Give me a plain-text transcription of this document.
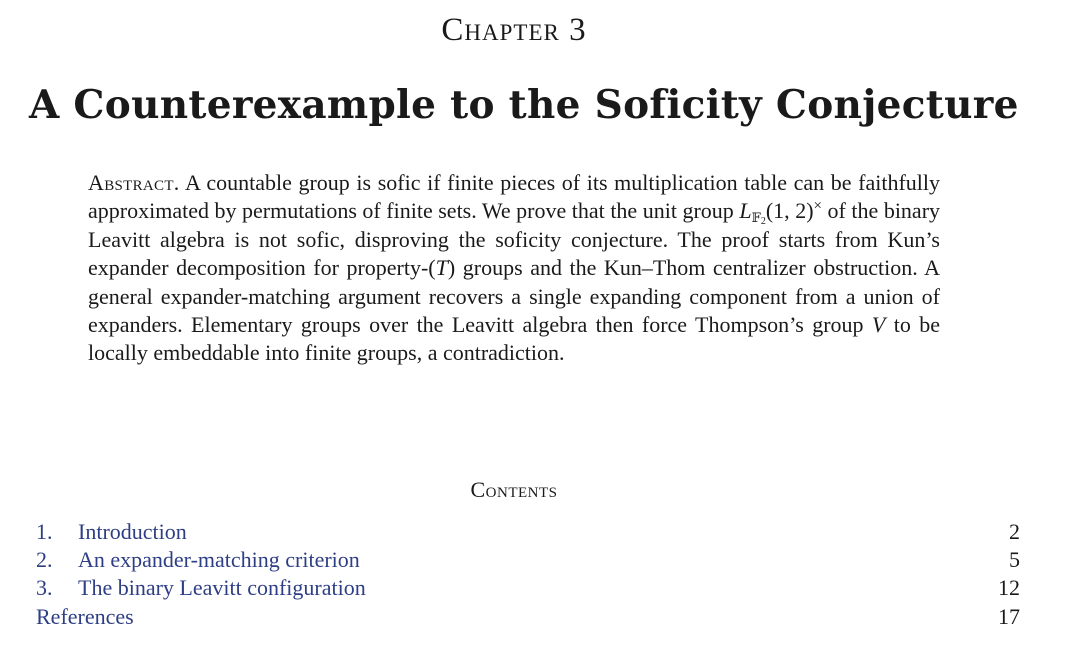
Chapter 3
A Counterexample to the Soficity Conjecture

Abstract. A countable group is sofic if finite pieces of its multiplication table can be faithfully approximated by permutations of finite sets. We prove that the unit group $L_{𝔽_2}(1$, 2)× of the binary Leavitt algebra is not sofic, disproving the soficity conjecture. The proof starts from Kun’s expander decomposition for property-(T) groups and the Kun–Thom centralizer obstruction. A general expander-matching argument recovers a single expanding component from a union of expanders. Elementary groups over the Leavitt algebra then force Thompson’s group V to be locally embeddable into finite groups, a contradiction.

Contents
1. Introduction	2
2. An expander-matching criterion	5
3. The binary Leavitt configuration	12
References	17
